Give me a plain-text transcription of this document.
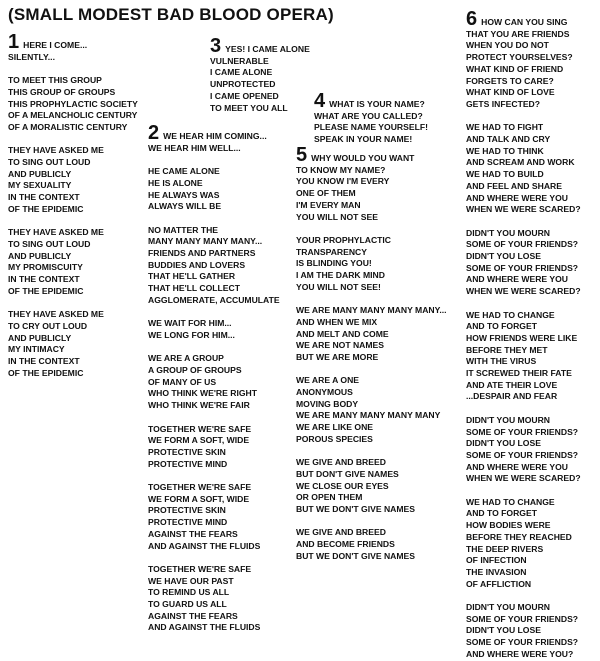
(SMALL MODEST BAD BLOOD OPERA)
1 HERE I COME...
SILENTLY...
TO MEET THIS GROUP
THIS GROUP OF GROUPS
THIS PROPHYLACTIC SOCIETY
OF A MELANCHOLIC CENTURY
OF A MORALISTIC CENTURY
THEY HAVE ASKED ME
TO SING OUT LOUD
AND PUBLICLY
MY SEXUALITY
IN THE CONTEXT
OF THE EPIDEMIC
THEY HAVE ASKED ME
TO SING OUT LOUD
AND PUBLICLY
MY PROMISCUITY
IN THE CONTEXT
OF THE EPIDEMIC
THEY HAVE ASKED ME
TO CRY OUT LOUD
AND PUBLICLY
MY INTIMACY
IN THE CONTEXT
OF THE EPIDEMIC
2 WE HEAR HIM COMING...
WE HEAR HIM WELL...
HE CAME ALONE
HE IS ALONE
HE ALWAYS WAS
ALWAYS WILL BE
NO MATTER THE
MANY MANY MANY MANY...
FRIENDS AND PARTNERS
BUDDIES AND LOVERS
THAT HE'LL GATHER
THAT HE'LL COLLECT
AGGLOMERATE, ACCUMULATE
WE WAIT FOR HIM...
WE LONG FOR HIM...
WE ARE A GROUP
A GROUP OF GROUPS
OF MANY OF US
WHO THINK WE'RE RIGHT
WHO THINK WE'RE FAIR
TOGETHER WE'RE SAFE
WE FORM A SOFT, WIDE
PROTECTIVE SKIN
PROTECTIVE MIND
TOGETHER WE'RE SAFE
WE FORM A SOFT, WIDE
PROTECTIVE SKIN
PROTECTIVE MIND
AGAINST THE FEARS
AND AGAINST THE FLUIDS
TOGETHER WE'RE SAFE
WE HAVE OUR PAST
TO REMIND US ALL
TO GUARD US ALL
AGAINST THE FEARS
AND AGAINST THE FLUIDS
3 YES! I CAME ALONE
VULNERABLE
I CAME ALONE
UNPROTECTED
I CAME OPENED
TO MEET YOU ALL	4 WHAT IS YOUR NAME?
WHAT ARE YOU CALLED?
PLEASE NAME YOURSELF!
SPEAK IN YOUR NAME!
5 WHY WOULD YOU WANT
TO KNOW MY NAME?
YOU KNOW I'M EVERY
ONE OF THEM
I'M EVERY MAN
YOU WILL NOT SEE
YOUR PROPHYLACTIC
TRANSPARENCY
IS BLINDING YOU!
I AM THE DARK MIND
YOU WILL NOT SEE!
WE ARE MANY MANY MANY MANY...
AND WHEN WE MIX
AND MELT AND COME
WE ARE NOT NAMES
BUT WE ARE MORE
WE ARE A ONE
ANONYMOUS
MOVING BODY
WE ARE MANY MANY MANY MANY
WE ARE LIKE ONE
POROUS SPECIES
WE GIVE AND BREED
BUT DON'T GIVE NAMES
WE CLOSE OUR EYES
OR OPEN THEM
BUT WE DON'T GIVE NAMES
WE GIVE AND BREED
AND BECOME FRIENDS
BUT WE DON'T GIVE NAMES
6 HOW CAN YOU SING
THAT YOU ARE FRIENDS
WHEN YOU DO NOT
PROTECT YOURSELVES?
WHAT KIND OF FRIEND
FORGETS TO CARE?
WHAT KIND OF LOVE
GETS INFECTED?
WE HAD TO FIGHT
AND TALK AND CRY
WE HAD TO THINK
AND SCREAM AND WORK
WE HAD TO BUILD
AND FEEL AND SHARE
AND WHERE WERE YOU
WHEN WE WERE SCARED?
DIDN'T YOU MOURN
SOME OF YOUR FRIENDS?
DIDN'T YOU LOSE
SOME OF YOUR FRIENDS?
AND WHERE WERE YOU
WHEN WE WERE SCARED?
WE HAD TO CHANGE
AND TO FORGET
HOW FRIENDS WERE LIKE
BEFORE THEY MET
WITH THE VIRUS
IT SCREWED THEIR FATE
AND ATE THEIR LOVE
...DESPAIR AND FEAR
DIDN'T YOU MOURN
SOME OF YOUR FRIENDS?
DIDN'T YOU LOSE
SOME OF YOUR FRIENDS?
AND WHERE WERE YOU
WHEN WE WERE SCARED?
WE HAD TO CHANGE
AND TO FORGET
HOW BODIES WERE
BEFORE THEY REACHED
THE DEEP RIVERS
OF INFECTION
THE INVASION
OF AFFLICTION
DIDN'T YOU MOURN
SOME OF YOUR FRIENDS?
DIDN'T YOU LOSE
SOME OF YOUR FRIENDS?
AND WHERE WERE YOU?
